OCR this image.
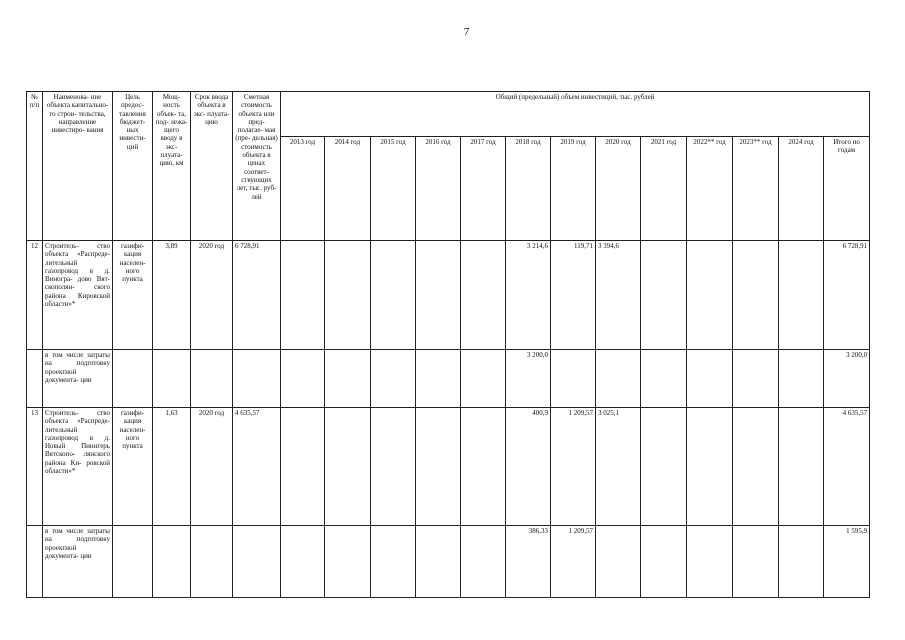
7
№ п/п	Наименова- ние объекта капитально- го строи- тельства, направление инвестиро- вания	Цель предос- тавления бюджет- ных инвести- ций	Мощ- ность объек- та, под- лежа- щего вводу в экс- плуата- цию, км	Срок ввода объекта в экс- плуата- цию	Сметная стоимость объекта или пред- полагае- мая (пре- дельная) стоимость объекта в ценах соответ- ствующих лет, тыс. руб- лей	Общий (предельный) объем инвестиций, тыс. рублей												
						2013 год	2014 год	2015 год	2016 год	2017 год	2018 год	2019 год	2020 год	2021 год	2022** год	2023** год	2024 год	Итого по годам
12	Строитель- ство объекта «Распреде- лительный газопровод в д. Виногра- дово Вят- скополян- ского района Кировской области»*	газифи- кация населен- ного пункта	3,89	2020 год	6 728,91						3 214,6	119,71	3 394,6					6 728,91
	в том числе затраты на подготовку проектной документа- ции										3 200,0							3 200,0
13	Строитель- ство объекта «Распреде- лительный газопровод в д. Новый Пинигерь Вятскопо- лянского района Ки- ровской области»*	газифи- кация населен- ного пункта	1,63	2020 год	4 635,57						400,9	1 209,57	3 025,1					4 635,57
	в том числе затраты на подготовку проектной документа- ции										386,33	1 209,57						1 595,9
